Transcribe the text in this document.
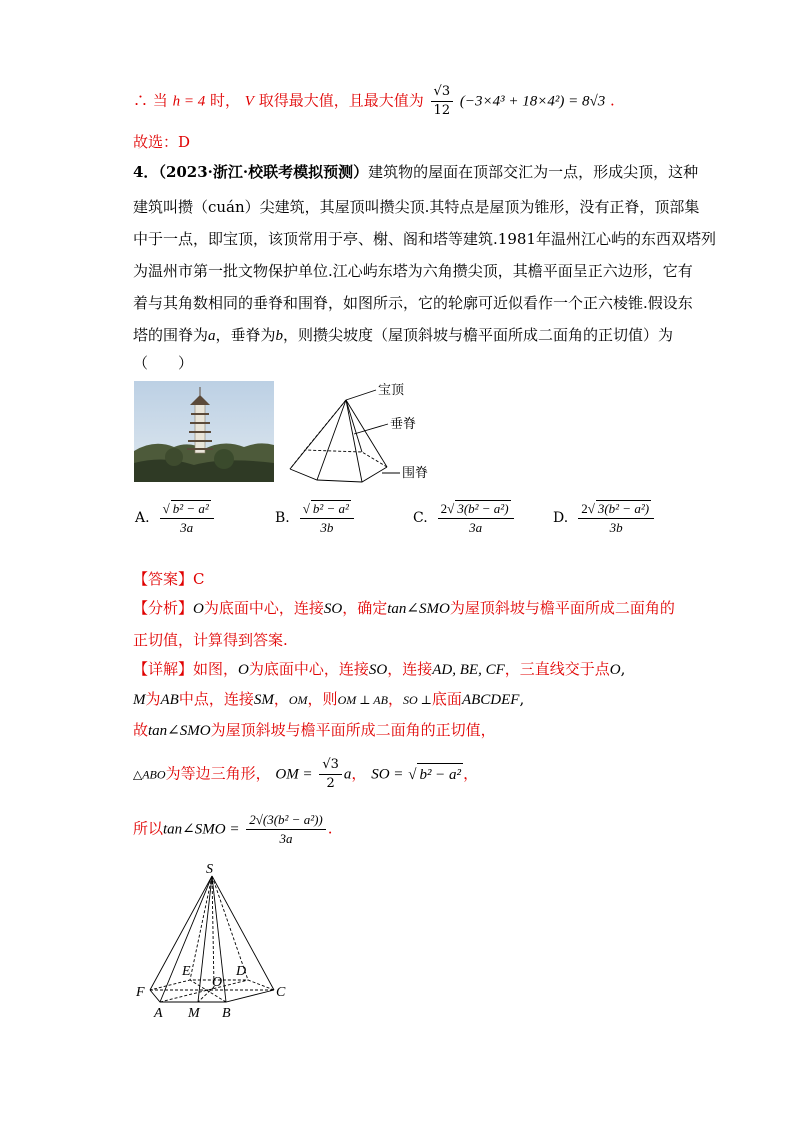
∴ 当 h = 4 时， V 取得最大值，且最大值为 $\frac{√3}{12} (-3\times 4^3 + 18\times 4^2) = 8√3$ .
故选：D
4．（2023·浙江·校联考模拟预测）建筑物的屋面在顶部交汇为一点，形成尖顶，这种
建筑叫攒（cuán）尖建筑，其屋顶叫攒尖顶.其特点是屋顶为锥形，没有正脊，顶部集
中于一点，即宝顶，该顶常用于亭、榭、阁和塔等建筑.1981年温州江心屿的东西双塔列
为温州市第一批文物保护单位.江心屿东塔为六角攒尖顶，其檐平面呈正六边形，它有
着与其角数相同的垂脊和围脊，如图所示，它的轮廓可近似看作一个正六棱锥.假设东
塔的围脊为a，垂脊为b，则攒尖坡度（屋顶斜坡与檐平面所成二面角的正切值）为
（　　）
宝顶
垂脊
围脊
A. $\frac{\text{√ b² − a²}}{3a}$	B. $\frac{\text{√ b² − a²}}{3b}$	C. $\frac{\text{2√ 3(b² − a²)}}{3a}$	D. $\frac{\text{2√ 3(b² − a²)}}{3b}$
【答案】C
【分析】O为底面中心，连接SO，确定tan∠SMO为屋顶斜坡与檐平面所成二面角的
正切值，计算得到答案.
【详解】如图，O为底面中心，连接SO，连接AD, BE, CF，三直线交于点O,
M为AB中点，连接SM，OM，则OM ⊥ AB，SO ⊥底面ABCDEF,
故tan∠SMO为屋顶斜坡与檐平面所成二面角的正切值，
△ABO为等边三角形， OM = $\frac{√3}{2}$ a， SO = √ b² − a² ，
所以tan∠SMO = $\frac{\text{2√(3(b² − a²))}}{3a}$ .
S
E	D
O
F	C
A M B
